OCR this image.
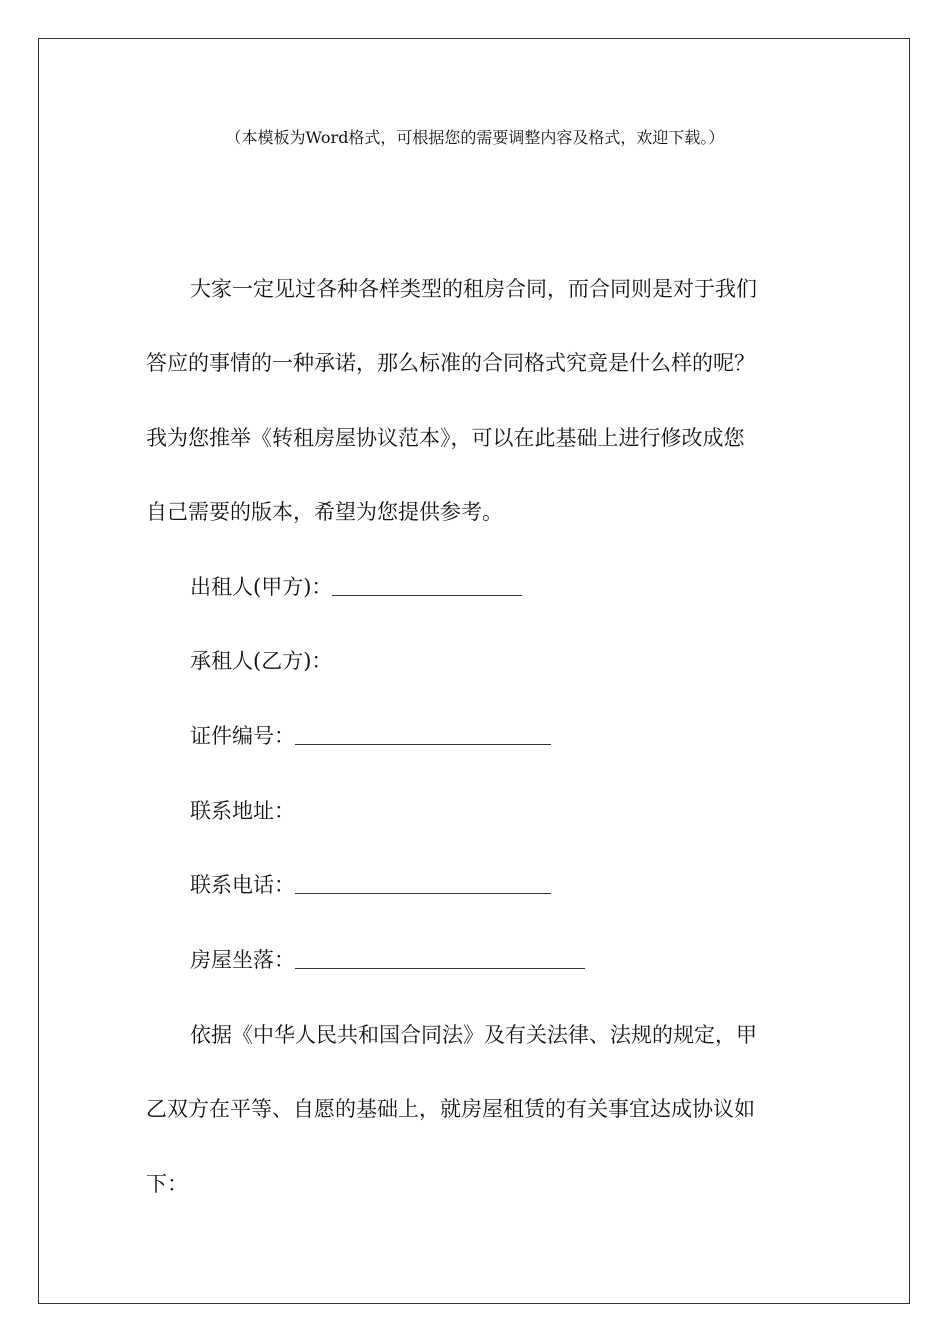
（本模板为Word格式，可根据您的需要调整内容及格式，欢迎下载。）
大家一定见过各种各样类型的租房合同，而合同则是对于我们
答应的事情的一种承诺，那么标准的合同格式究竟是什么样的呢？
我为您推举《转租房屋协议范本》，可以在此基础上进行修改成您
自己需要的版本，希望为您提供参考。
出租人(甲方)：
承租人(乙方)：
证件编号：
联系地址：
联系电话：
房屋坐落：
依据《中华人民共和国合同法》及有关法律、法规的规定，甲
乙双方在平等、自愿的基础上，就房屋租赁的有关事宜达成协议如
下：
